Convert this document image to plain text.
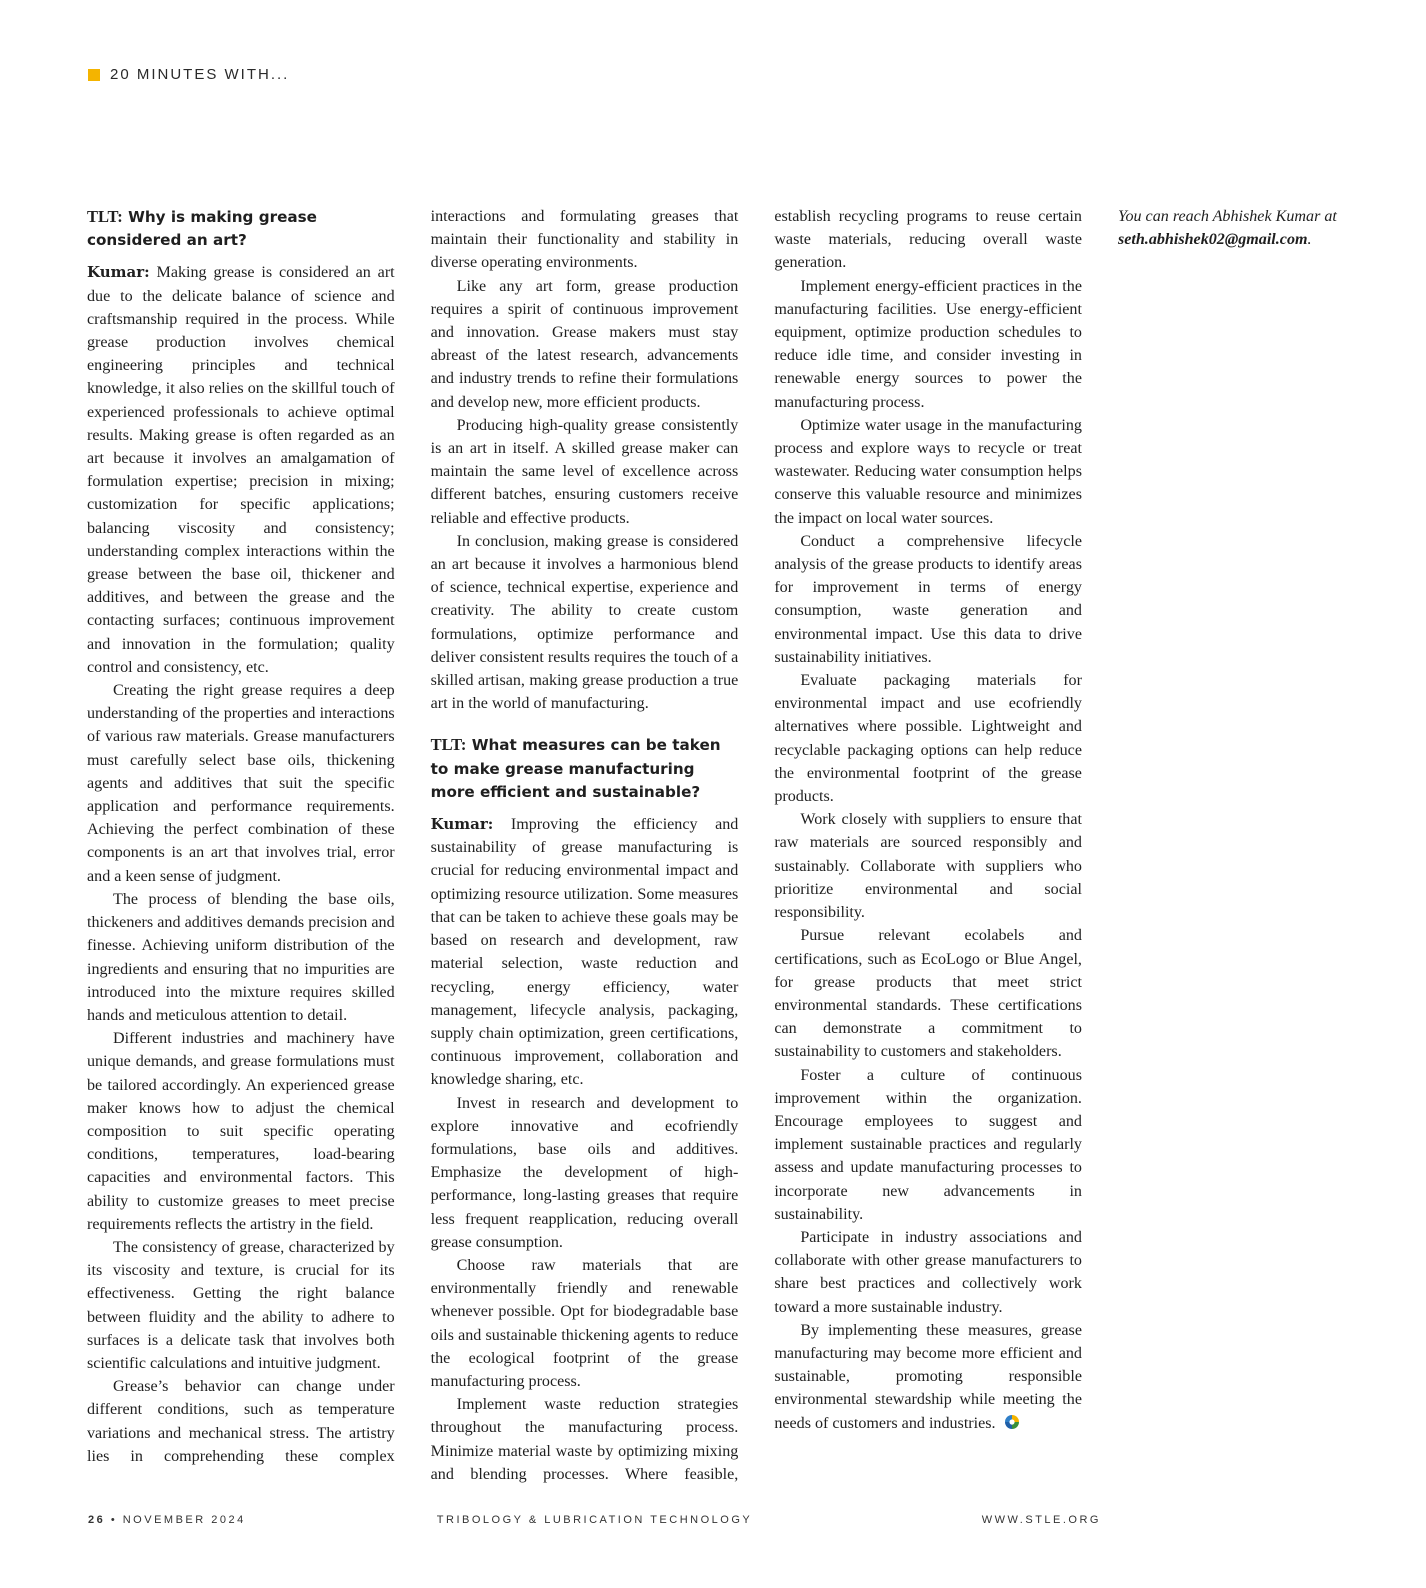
20 MINUTES WITH...
TLT: Why is making grease considered an art?

Kumar: Making grease is considered an art due to the delicate balance of science and craftsmanship required in the process. While grease production involves chemical engineering principles and technical knowledge, it also relies on the skillful touch of experienced professionals to achieve optimal results. Making grease is often regarded as an art because it involves an amalgamation of formulation expertise; precision in mixing; customization for specific applications; balancing viscosity and consistency; understanding complex interactions within the grease between the base oil, thickener and additives, and between the grease and the contacting surfaces; continuous improvement and innovation in the formulation; quality control and consistency, etc.

Creating the right grease requires a deep understanding of the properties and interactions of various raw materials. Grease manufacturers must carefully select base oils, thickening agents and additives that suit the specific application and performance requirements. Achieving the perfect combination of these components is an art that involves trial, error and a keen sense of judgment.

The process of blending the base oils, thickeners and additives demands precision and finesse. Achieving uniform distribution of the ingredients and ensuring that no impurities are introduced into the mixture requires skilled hands and meticulous attention to detail.

Different industries and machinery have unique demands, and grease formulations must be tailored accordingly. An experienced grease maker knows how to adjust the chemical composition to suit specific operating conditions, temperatures, load-bearing capacities and environmental factors. This ability to customize greases to meet precise requirements reflects the artistry in the field.

The consistency of grease, characterized by its viscosity and texture, is crucial for its effectiveness. Getting the right balance between fluidity and the ability to adhere to surfaces is a delicate task that involves both scientific calculations and intuitive judgment.

Grease’s behavior can change under different conditions, such as temperature variations and mechanical stress. The artistry lies in comprehending these complex interactions and formulating greases that maintain their functionality and stability in diverse operating environments.

Like any art form, grease production requires a spirit of continuous improvement and innovation. Grease makers must stay abreast of the latest research, advancements and industry trends to refine their formulations and develop new, more efficient products.

Producing high-quality grease consistently is an art in itself. A skilled grease maker can maintain the same level of excellence across different batches, ensuring customers receive reliable and effective products.

In conclusion, making grease is considered an art because it involves a harmonious blend of science, technical expertise, experience and creativity. The ability to create custom formulations, optimize performance and deliver consistent results requires the touch of a skilled artisan, making grease production a true art in the world of manufacturing.

TLT: What measures can be taken to make grease manufacturing more efficient and sustainable?

Kumar: Improving the efficiency and sustainability of grease manufacturing is crucial for reducing environmental impact and optimizing resource utilization. Some measures that can be taken to achieve these goals may be based on research and development, raw material selection, waste reduction and recycling, energy efficiency, water management, lifecycle analysis, packaging, supply chain optimization, green certifications, continuous improvement, collaboration and knowledge sharing, etc.

Invest in research and development to explore innovative and ecofriendly formulations, base oils and additives. Emphasize the development of high-performance, long-lasting greases that require less frequent reapplication, reducing overall grease consumption.

Choose raw materials that are environmentally friendly and renewable whenever possible. Opt for biodegradable base oils and sustainable thickening agents to reduce the ecological footprint of the grease manufacturing process.

Implement waste reduction strategies throughout the manufacturing process. Minimize material waste by optimizing mixing and blending processes. Where feasible, establish recycling programs to reuse certain waste materials, reducing overall waste generation.

Implement energy-efficient practices in the manufacturing facilities. Use energy-efficient equipment, optimize production schedules to reduce idle time, and consider investing in renewable energy sources to power the manufacturing process.

Optimize water usage in the manufacturing process and explore ways to recycle or treat wastewater. Reducing water consumption helps conserve this valuable resource and minimizes the impact on local water sources.

Conduct a comprehensive lifecycle analysis of the grease products to identify areas for improvement in terms of energy consumption, waste generation and environmental impact. Use this data to drive sustainability initiatives.

Evaluate packaging materials for environmental impact and use ecofriendly alternatives where possible. Lightweight and recyclable packaging options can help reduce the environmental footprint of the grease products.

Work closely with suppliers to ensure that raw materials are sourced responsibly and sustainably. Collaborate with suppliers who prioritize environmental and social responsibility.

Pursue relevant ecolabels and certifications, such as EcoLogo or Blue Angel, for grease products that meet strict environmental standards. These certifications can demonstrate a commitment to sustainability to customers and stakeholders.

Foster a culture of continuous improvement within the organization. Encourage employees to suggest and implement sustainable practices and regularly assess and update manufacturing processes to incorporate new advancements in sustainability.

Participate in industry associations and collaborate with other grease manufacturers to share best practices and collectively work toward a more sustainable industry.

By implementing these measures, grease manufacturing may become more efficient and sustainable, promoting responsible environmental stewardship while meeting the needs of customers and industries.

You can reach Abhishek Kumar at seth.abhishek02@gmail.com.

26 • NOVEMBER 2024	TRIBOLOGY & LUBRICATION TECHNOLOGY	WWW.STLE.ORG
